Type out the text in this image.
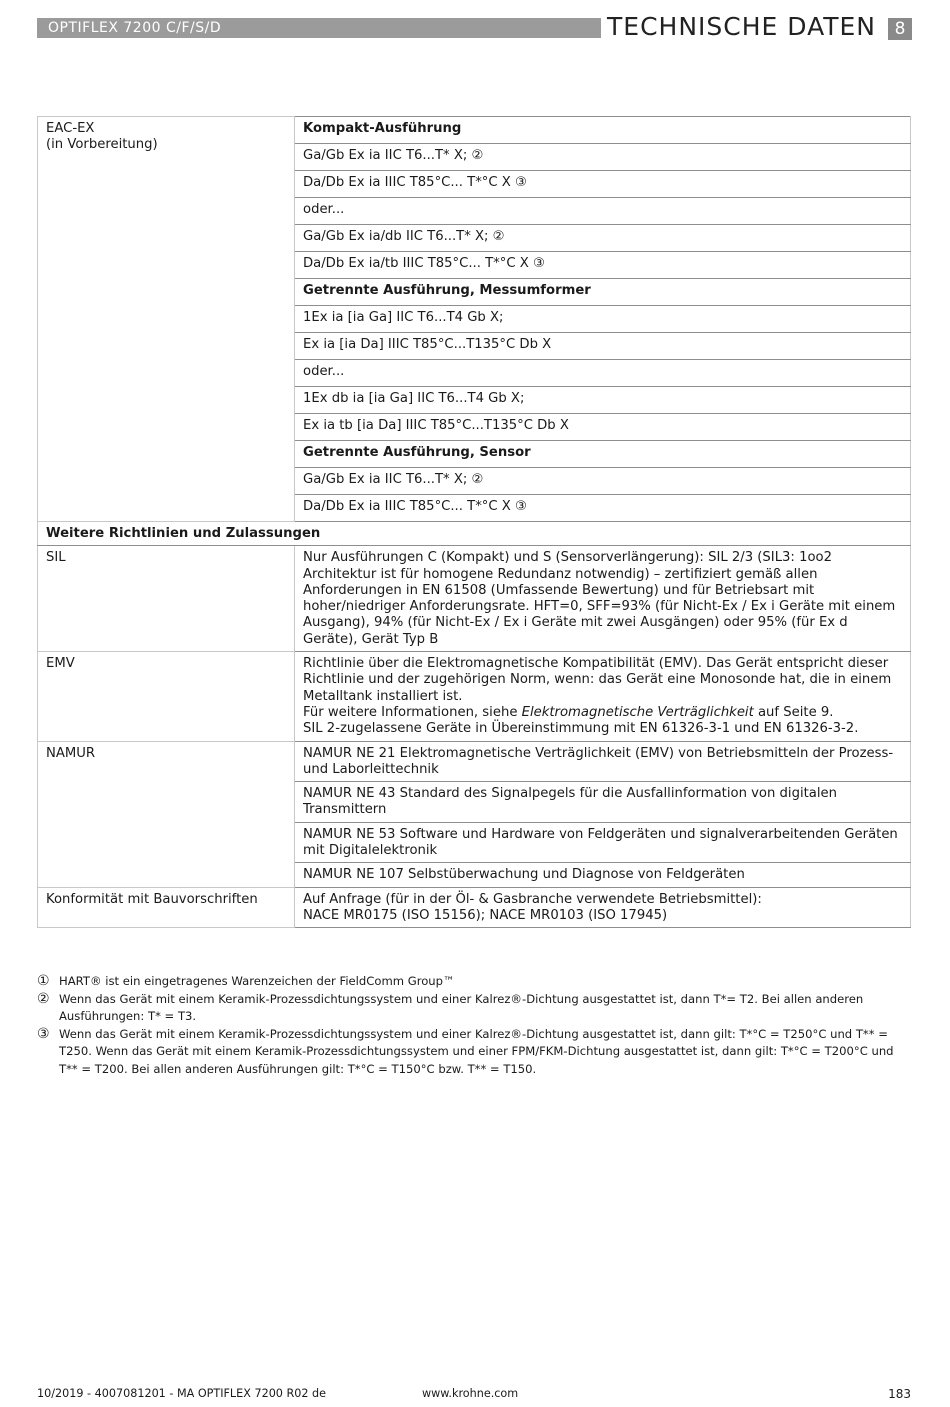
OPTIFLEX 7200 C/F/S/D	TECHNISCHE DATEN	8
EAC-EX
(in Vorbereitung)	Kompakt-Ausführung
	Ga/Gb Ex ia IIC T6...T* X; ②
	Da/Db Ex ia IIIC T85°C... T*°C X ③
	oder...
	Ga/Gb Ex ia/db IIC T6...T* X; ②
	Da/Db Ex ia/tb IIIC T85°C... T*°C X ③
	Getrennte Ausführung, Messumformer
	1Ex ia [ia Ga] IIC T6...T4 Gb X;
	Ex ia [ia Da] IIIC T85°C...T135°C Db X
	oder...
	1Ex db ia [ia Ga] IIC T6...T4 Gb X;
	Ex ia tb [ia Da] IIIC T85°C...T135°C Db X
	Getrennte Ausführung, Sensor
	Ga/Gb Ex ia IIC T6...T* X; ②
	Da/Db Ex ia IIIC T85°C... T*°C X ③
Weitere Richtlinien und Zulassungen	
SIL	Nur Ausführungen C (Kompakt) und S (Sensorverlängerung): SIL 2/3 (SIL3: 1oo2 Architektur ist für homogene Redundanz notwendig) – zertifiziert gemäß allen Anforderungen in EN 61508 (Umfassende Bewertung) und für Betriebsart mit hoher/niedriger Anforderungsrate. HFT=0, SFF=93% (für Nicht-Ex / Ex i Geräte mit einem Ausgang), 94% (für Nicht-Ex / Ex i Geräte mit zwei Ausgängen) oder 95% (für Ex d Geräte), Gerät Typ B
EMV	Richtlinie über die Elektromagnetische Kompatibilität (EMV). Das Gerät entspricht dieser Richtlinie und der zugehörigen Norm, wenn: das Gerät eine Monosonde hat, die in einem Metalltank installiert ist.
Für weitere Informationen, siehe Elektromagnetische Verträglichkeit auf Seite 9.
SIL 2-zugelassene Geräte in Übereinstimmung mit EN 61326-3-1 und EN 61326-3-2.

NAMUR	NAMUR NE 21 Elektromagnetische Verträglichkeit (EMV) von Betriebsmitteln der Prozess- und Laborleittechnik
	NAMUR NE 43 Standard des Signalpegels für die Ausfallinformation von digitalen Transmittern
	NAMUR NE 53 Software und Hardware von Feldgeräten und signalverarbeitenden Geräten mit Digitalelektronik
	NAMUR NE 107 Selbstüberwachung und Diagnose von Feldgeräten
Konformität mit Bauvorschriften	Auf Anfrage (für in der Öl- & Gasbranche verwendete Betriebsmittel):
NACE MR0175 (ISO 15156); NACE MR0103 (ISO 17945)
① HART® ist ein eingetragenes Warenzeichen der FieldComm Group™
② Wenn das Gerät mit einem Keramik-Prozessdichtungssystem und einer Kalrez®-Dichtung ausgestattet ist, dann T*= T2. Bei allen anderen Ausführungen: T* = T3.
③ Wenn das Gerät mit einem Keramik-Prozessdichtungssystem und einer Kalrez®-Dichtung ausgestattet ist, dann gilt: T*°C = T250°C und T** = T250. Wenn das Gerät mit einem Keramik-Prozessdichtungssystem und einer FPM/FKM-Dichtung ausgestattet ist, dann gilt: T*°C = T200°C und T** = T200. Bei allen anderen Ausführungen gilt: T*°C = T150°C bzw. T** = T150.
10/2019 - 4007081201 - MA OPTIFLEX 7200 R02 de	www.krohne.com	183
